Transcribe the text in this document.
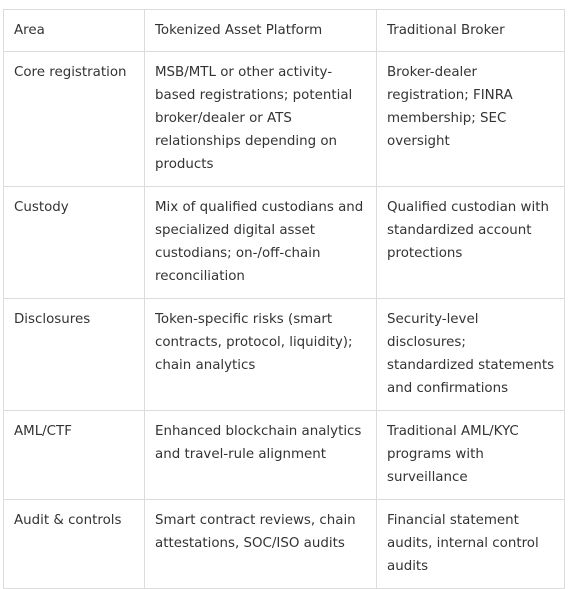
Area	Tokenized Asset Platform	Traditional Broker
Core registration	MSB/MTL or other activity-based registrations; potential broker/dealer or ATS relationships depending on products	Broker-dealer registration; FINRA membership; SEC oversight
Custody	Mix of qualified custodians and specialized digital asset custodians; on-/off-chain reconciliation	Qualified custodian with standardized account protections
Disclosures	Token-specific risks (smart contracts, protocol, liquidity); chain analytics	Security-level disclosures; standardized statements and confirmations
AML/CTF	Enhanced blockchain analytics and travel-rule alignment	Traditional AML/KYC programs with surveillance
Audit & controls	Smart contract reviews, chain attestations, SOC/ISO audits	Financial statement audits, internal control audits
